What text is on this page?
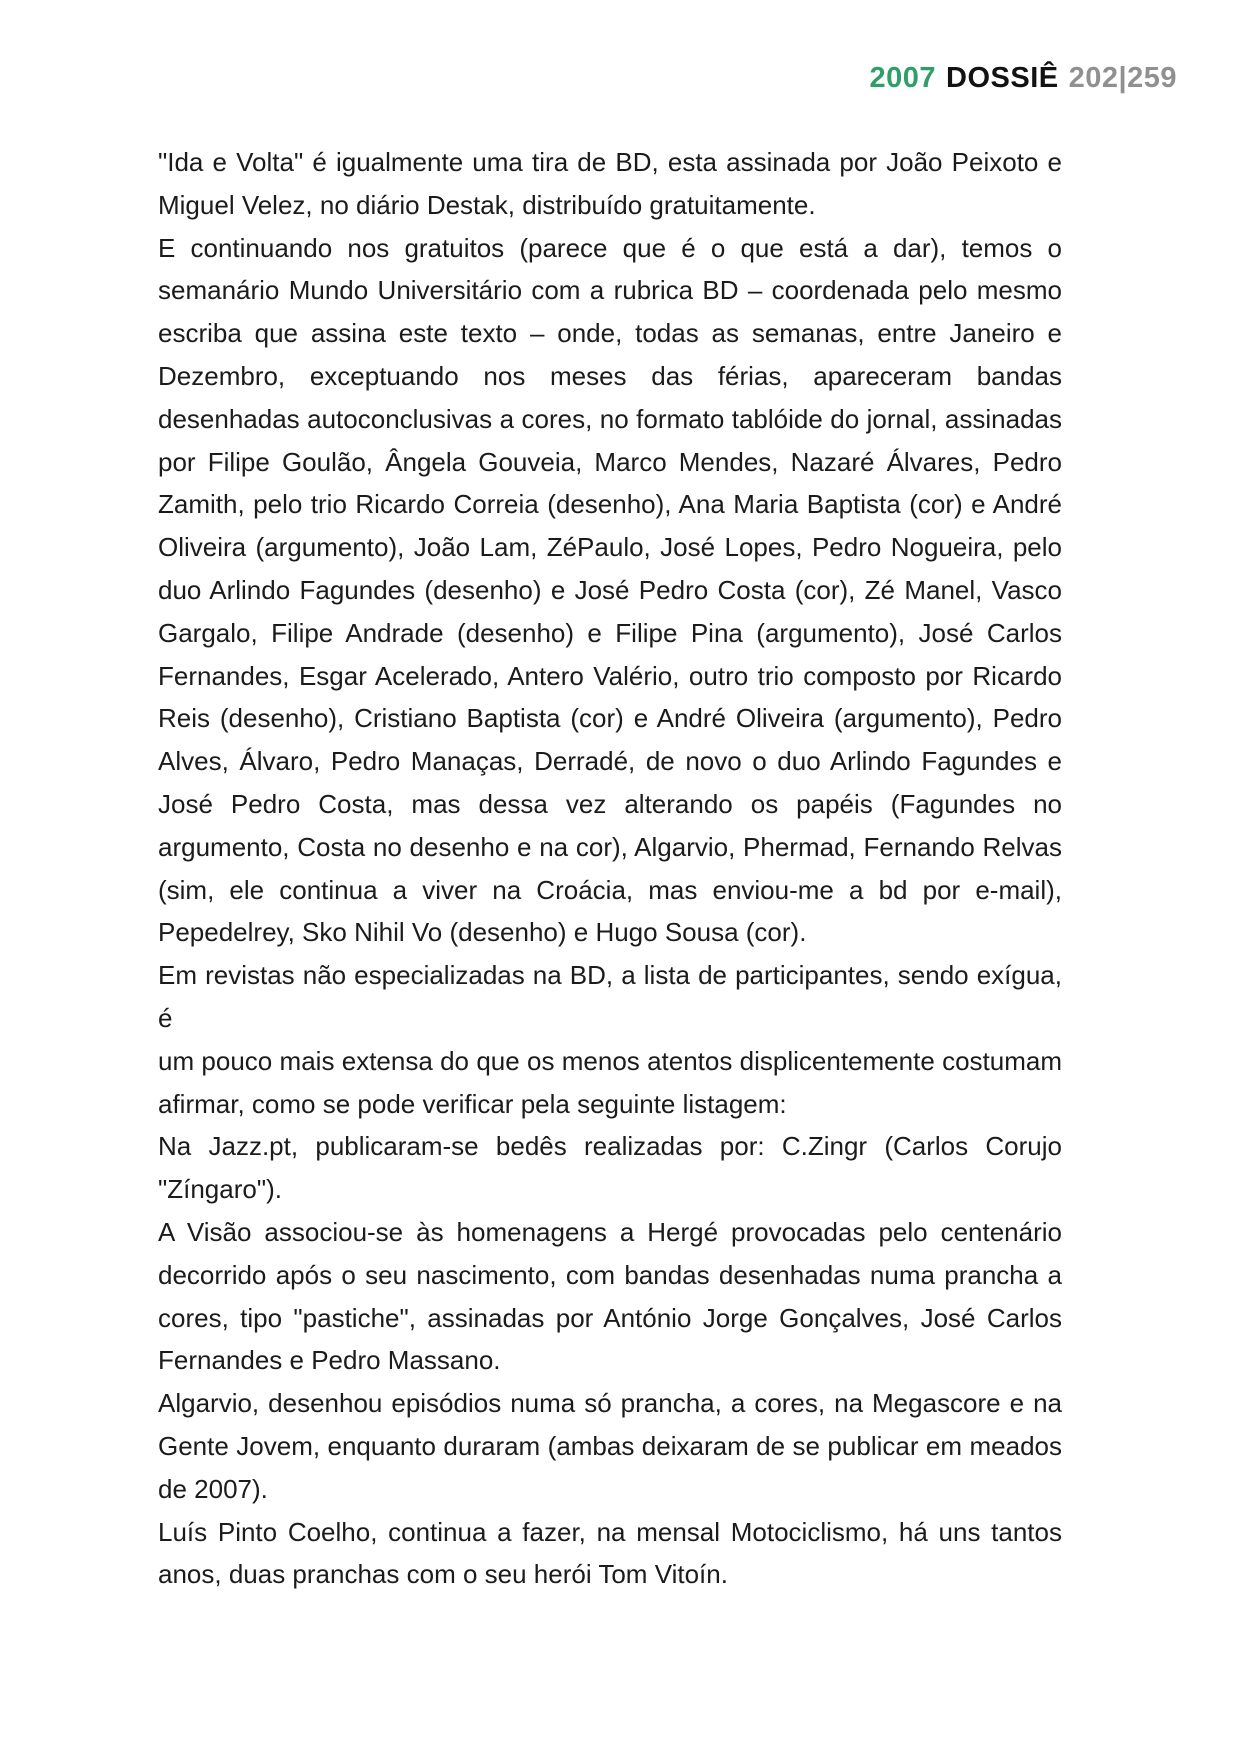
2007 DOSSIÊ 202|259
"Ida e Volta" é igualmente uma tira de BD, esta assinada por João Peixoto e
Miguel Velez, no diário Destak, distribuído gratuitamente.
E continuando nos gratuitos (parece que é o que está a dar), temos o
semanário Mundo Universitário com a rubrica BD – coordenada pelo mesmo
escriba que assina este texto – onde, todas as semanas, entre Janeiro e
Dezembro, exceptuando nos meses das férias, apareceram bandas
desenhadas autoconclusivas a cores, no formato tablóide do jornal, assinadas
por Filipe Goulão, Ângela Gouveia, Marco Mendes, Nazaré Álvares, Pedro
Zamith, pelo trio Ricardo Correia (desenho), Ana Maria Baptista (cor) e André
Oliveira (argumento), João Lam, ZéPaulo, José Lopes, Pedro Nogueira, pelo
duo Arlindo Fagundes (desenho) e José Pedro Costa (cor), Zé Manel, Vasco
Gargalo, Filipe Andrade (desenho) e Filipe Pina (argumento), José Carlos
Fernandes, Esgar Acelerado, Antero Valério, outro trio composto por Ricardo
Reis (desenho), Cristiano Baptista (cor) e André Oliveira (argumento), Pedro
Alves, Álvaro, Pedro Manaças, Derradé, de novo o duo Arlindo Fagundes e
José Pedro Costa, mas dessa vez alterando os papéis (Fagundes no
argumento, Costa no desenho e na cor), Algarvio, Phermad, Fernando Relvas
(sim, ele continua a viver na Croácia, mas enviou-me a bd por e-mail),
Pepedelrey, Sko Nihil Vo (desenho) e Hugo Sousa (cor).
Em revistas não especializadas na BD, a lista de participantes, sendo exígua, é
um pouco mais extensa do que os menos atentos displicentemente costumam
afirmar, como se pode verificar pela seguinte listagem:
Na Jazz.pt, publicaram-se bedês realizadas por: C.Zingr (Carlos Corujo
"Zíngaro").
A Visão associou-se às homenagens a Hergé provocadas pelo centenário
decorrido após o seu nascimento, com bandas desenhadas numa prancha a
cores, tipo "pastiche", assinadas por António Jorge Gonçalves, José Carlos
Fernandes e Pedro Massano.
Algarvio, desenhou episódios numa só prancha, a cores, na Megascore e na
Gente Jovem, enquanto duraram (ambas deixaram de se publicar em meados
de 2007).
Luís Pinto Coelho, continua a fazer, na mensal Motociclismo, há uns tantos
anos, duas pranchas com o seu herói Tom Vitoín.
